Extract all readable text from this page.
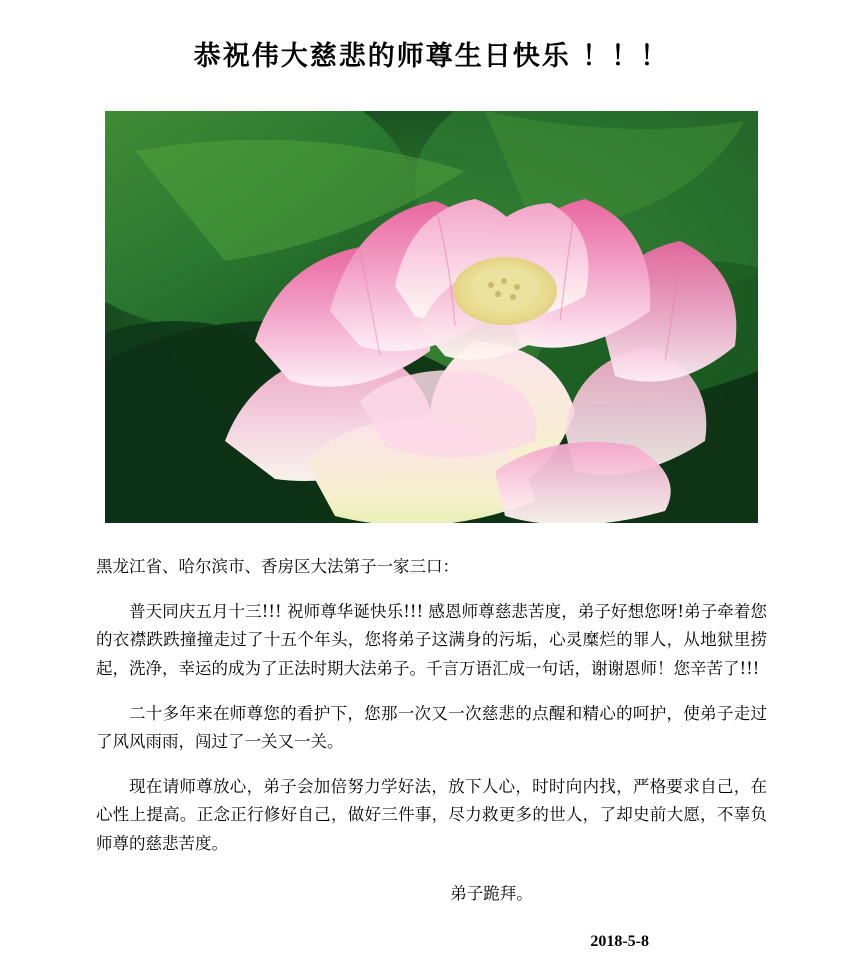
恭祝伟大慈悲的师尊生日快乐 ！！！

黑龙江省、哈尔滨市、香房区大法第子一家三口：

普天同庆五月十三!!! 祝师尊华诞快乐!!! 感恩师尊慈悲苦度，弟子好想您呀!弟子牵着您的衣襟跌跌撞撞走过了十五个年头，您将弟子这满身的污垢，心灵糜烂的罪人，从地狱里捞起，洗净，幸运的成为了正法时期大法弟子。千言万语汇成一句话，谢谢恩师！您辛苦了!!!

二十多年来在师尊您的看护下，您那一次又一次慈悲的点醒和精心的呵护，使弟子走过了风风雨雨，闯过了一关又一关。

现在请师尊放心，弟子会加倍努力学好法，放下人心，时时向内找，严格要求自己，在心性上提高。正念正行修好自己，做好三件事，尽力救更多的世人，了却史前大愿，不辜负师尊的慈悲苦度。

弟子跪拜。

2018-5-8
